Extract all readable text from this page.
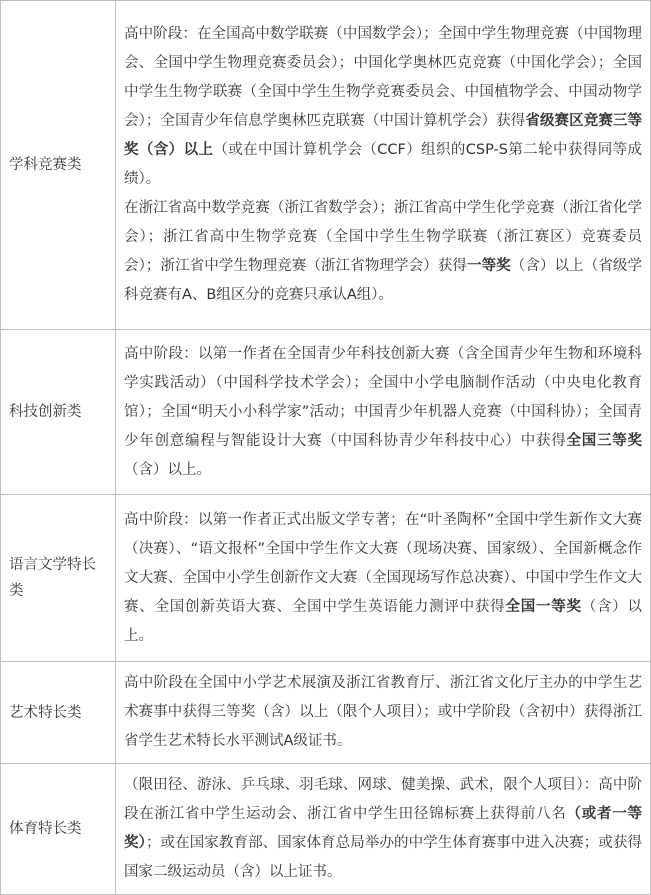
学科竞赛类	高中阶段：在全国高中数学联赛（中国数学会）；全国中学生物理竞赛（中国物理会、全国中学生物理竞赛委员会）；中国化学奥林匹克竞赛（中国化学会）；全国中学生生物学联赛（全国中学生生物学竞赛委员会、中国植物学会、中国动物学会）；全国青少年信息学奥林匹克联赛（中国计算机学会）获得省级赛区竞赛三等奖（含）以上（或在中国计算机学会（CCF）组织的CSP-S第二轮中获得同等成绩）。

在浙江省高中数学竞赛（浙江省数学会）；浙江省高中学生化学竞赛（浙江省化学会）；浙江省高中生物学竞赛（全国中学生生物学联赛（浙江赛区）竞赛委员会）；浙江省中学生物理竞赛（浙江省物理学会）获得一等奖（含）以上（省级学科竞赛有A、B组区分的竞赛只承认A组）。

科技创新类	高中阶段：以第一作者在全国青少年科技创新大赛（含全国青少年生物和环境科学实践活动）（中国科学技术学会）；全国中小学电脑制作活动（中央电化教育馆）；全国“明天小小科学家”活动；中国青少年机器人竞赛（中国科协）；全国青少年创意编程与智能设计大赛（中国科协青少年科技中心）中获得全国三等奖（含）以上。

语言文学特长类	高中阶段：以第一作者正式出版文学专著；在“叶圣陶杯”全国中学生新作文大赛（决赛）、“语文报杯”全国中学生作文大赛（现场决赛、国家级）、全国新概念作文大赛、全国中小学生创新作文大赛（全国现场写作总决赛）、中国中学生作文大赛、全国创新英语大赛、全国中学生英语能力测评中获得全国一等奖（含）以上。

艺术特长类	高中阶段在全国中小学艺术展演及浙江省教育厅、浙江省文化厅主办的中学生艺术赛事中获得三等奖（含）以上（限个人项目）；或中学阶段（含初中）获得浙江省学生艺术特长水平测试A级证书。

体育特长类	（限田径、游泳、乒乓球、羽毛球、网球、健美操、武术，限个人项目）：高中阶段在浙江省中学生运动会、浙江省中学生田径锦标赛上获得前八名（或者一等奖）；或在国家教育部、国家体育总局举办的中学生体育赛事中进入决赛；或获得国家二级运动员（含）以上证书。
